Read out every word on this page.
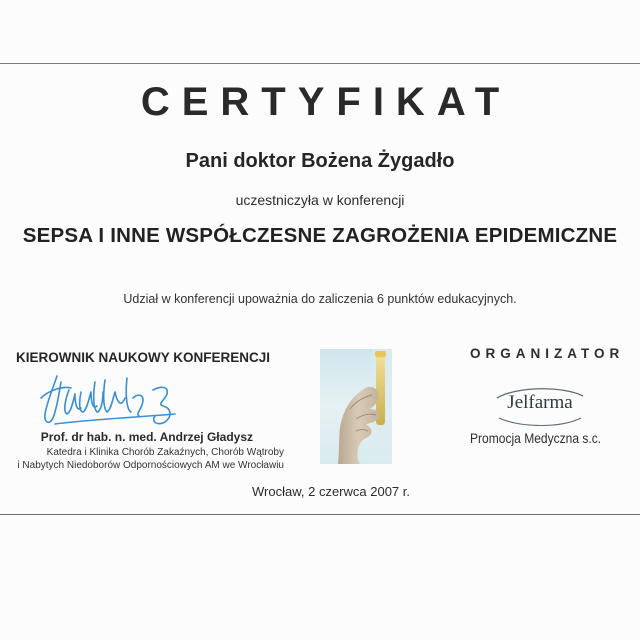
CERTYFIKAT
Pani doktor Bożena Żygadło
uczestniczyła w konferencji
SEPSA I INNE WSPÓŁCZESNE ZAGROŻENIA EPIDEMICZNE
Udział w konferencji upoważnia do zaliczenia 6 punktów edukacyjnych.
KIEROWNIK NAUKOWY KONFERENCJI
Prof. dr hab. n. med. Andrzej Gładysz
Katedra i Klinika Chorób Zakaźnych, Chorób Wątroby
i Nabytych Niedoborów Odpornościowych AM we Wrocławiu
ORGANIZATOR
Jelfarma
Promocja Medyczna s.c.
Wrocław, 2 czerwca 2007 r.
